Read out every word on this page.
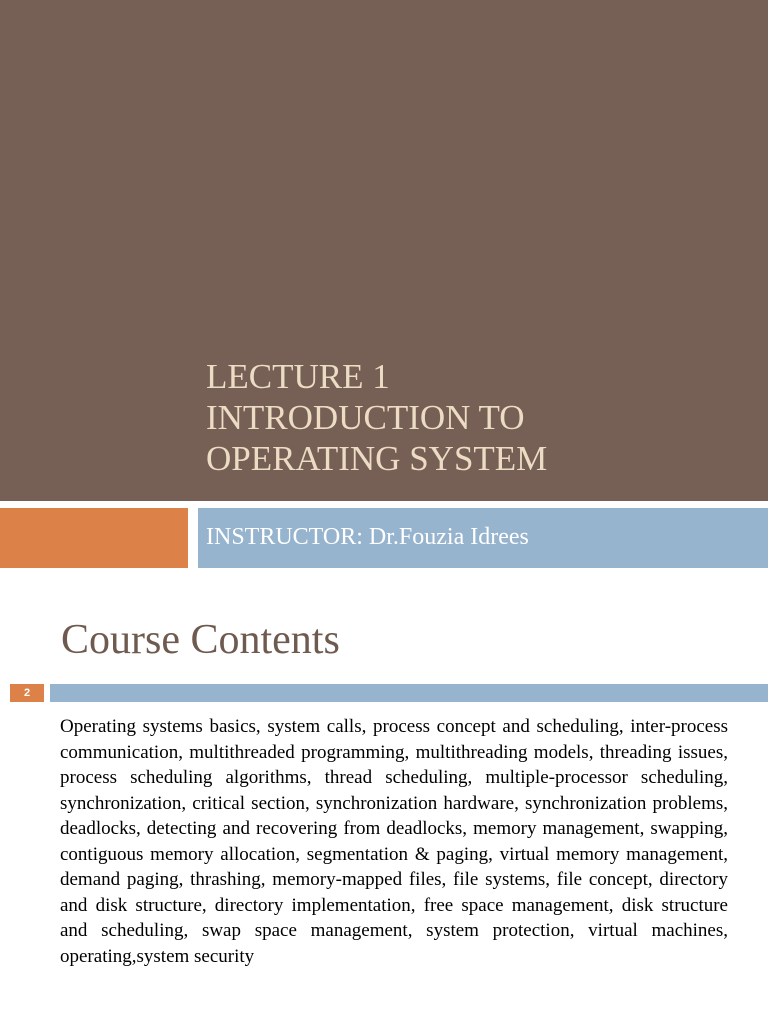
LECTURE 1
INTRODUCTION TO
OPERATING SYSTEM
INSTRUCTOR: Dr.Fouzia Idrees
Course Contents
2

Operating systems basics, system calls, process concept and scheduling, inter-process communication, multithreaded programming, multithreading models, threading issues, process scheduling algorithms, thread scheduling, multiple-processor scheduling, synchronization, critical section, synchronization hardware, synchronization problems, deadlocks, detecting and recovering from deadlocks, memory management, swapping, contiguous memory allocation, segmentation & paging, virtual memory management, demand paging, thrashing, memory-mapped files, file systems, file concept, directory and disk structure, directory implementation, free space management, disk structure and scheduling, swap space management, system protection, virtual machines, operating,system security
